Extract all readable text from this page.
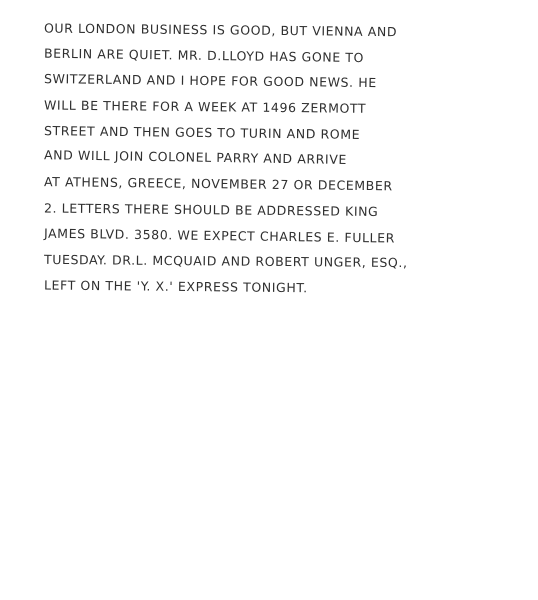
OUR LONDON BUSINESS IS GOOD, BUT VIENNA AND
BERLIN ARE QUIET. MR. D.LLOYD HAS GONE TO
SWITZERLAND AND I HOPE FOR GOOD NEWS. HE
WILL BE THERE FOR A WEEK AT 1496 ZERMOTT
STREET AND THEN GOES TO TURIN AND ROME
AND WILL JOIN COLONEL PARRY AND ARRIVE
AT ATHENS, GREECE, NOVEMBER 27 OR DECEMBER
2. LETTERS THERE SHOULD BE ADDRESSED KING
JAMES BLVD. 3580. WE EXPECT CHARLES E. FULLER
TUESDAY. DR.L. MCQUAID AND ROBERT UNGER, ESQ.,
LEFT ON THE 'Y. X.' EXPRESS TONIGHT.
